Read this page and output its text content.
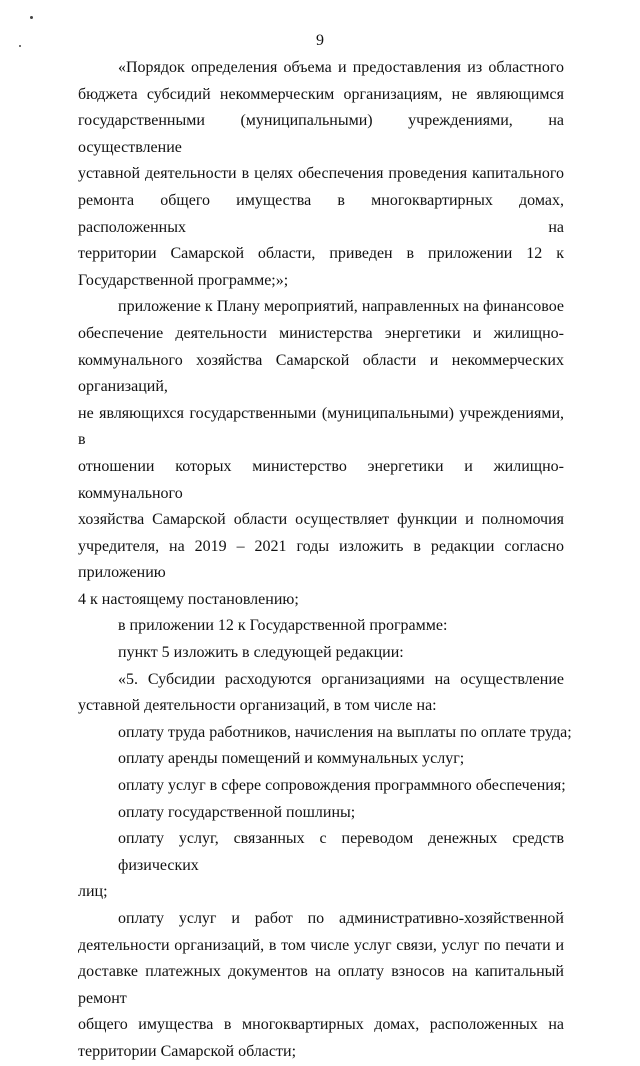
9
«Порядок определения объема и предоставления из областного
бюджета субсидий некоммерческим организациям, не являющимся
государственными (муниципальными) учреждениями, на осуществление
уставной деятельности в целях обеспечения проведения капитального
ремонта общего имущества в многоквартирных домах, расположенных на
территории Самарской области, приведен в приложении 12 к
Государственной программе;»;
приложение к Плану мероприятий, направленных на финансовое
обеспечение деятельности министерства энергетики и жилищно-
коммунального хозяйства Самарской области и некоммерческих организаций,
не являющихся государственными (муниципальными) учреждениями, в
отношении которых министерство энергетики и жилищно-коммунального
хозяйства Самарской области осуществляет функции и полномочия
учредителя, на 2019 – 2021 годы изложить в редакции согласно приложению
4 к настоящему постановлению;
в приложении 12 к Государственной программе:
пункт 5 изложить в следующей редакции:
«5. Субсидии расходуются организациями на осуществление
уставной деятельности организаций, в том числе на:
оплату труда работников, начисления на выплаты по оплате труда;
оплату аренды помещений и коммунальных услуг;
оплату услуг в сфере сопровождения программного обеспечения;
оплату государственной пошлины;
оплату услуг, связанных с переводом денежных средств физических
лиц;
оплату услуг и работ по административно-хозяйственной
деятельности организаций, в том числе услуг связи, услуг по печати и
доставке платежных документов на оплату взносов на капитальный ремонт
общего имущества в многоквартирных домах, расположенных на
территории Самарской области;
